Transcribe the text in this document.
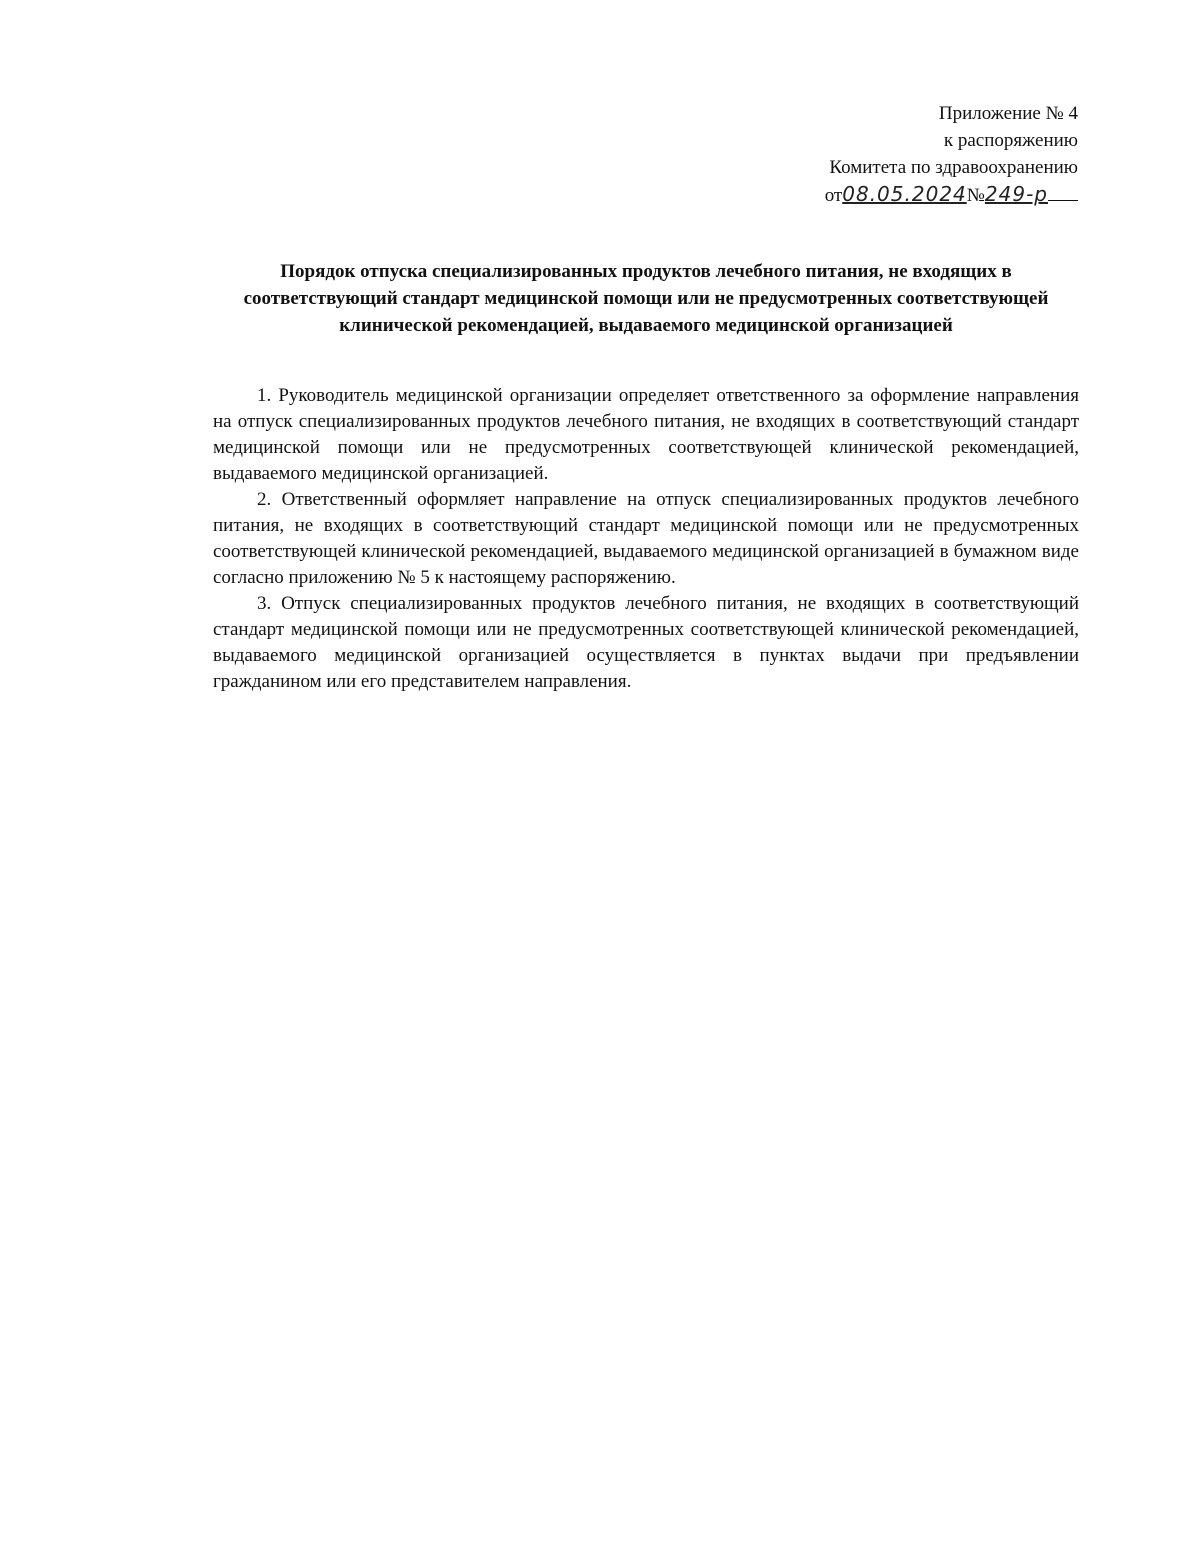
Приложение № 4
к распоряжению
Комитета по здравоохранению
от08.05.2024№249-р
Порядок отпуска специализированных продуктов лечебного питания, не входящих в соответствующий стандарт медицинской помощи или не предусмотренных соответствующей клинической рекомендацией, выдаваемого медицинской организацией

1. Руководитель медицинской организации определяет ответственного за оформление направления на отпуск специализированных продуктов лечебного питания, не входящих в соответствующий стандарт медицинской помощи или не предусмотренных соответствующей клинической рекомендацией, выдаваемого медицинской организацией.

2. Ответственный оформляет направление на отпуск специализированных продуктов лечебного питания, не входящих в соответствующий стандарт медицинской помощи или не предусмотренных соответствующей клинической рекомендацией, выдаваемого медицинской организацией в бумажном виде согласно приложению № 5 к настоящему распоряжению.

3. Отпуск специализированных продуктов лечебного питания, не входящих в соответствующий стандарт медицинской помощи или не предусмотренных соответствующей клинической рекомендацией, выдаваемого медицинской организацией осуществляется в пунктах выдачи при предъявлении гражданином или его представителем направления.
